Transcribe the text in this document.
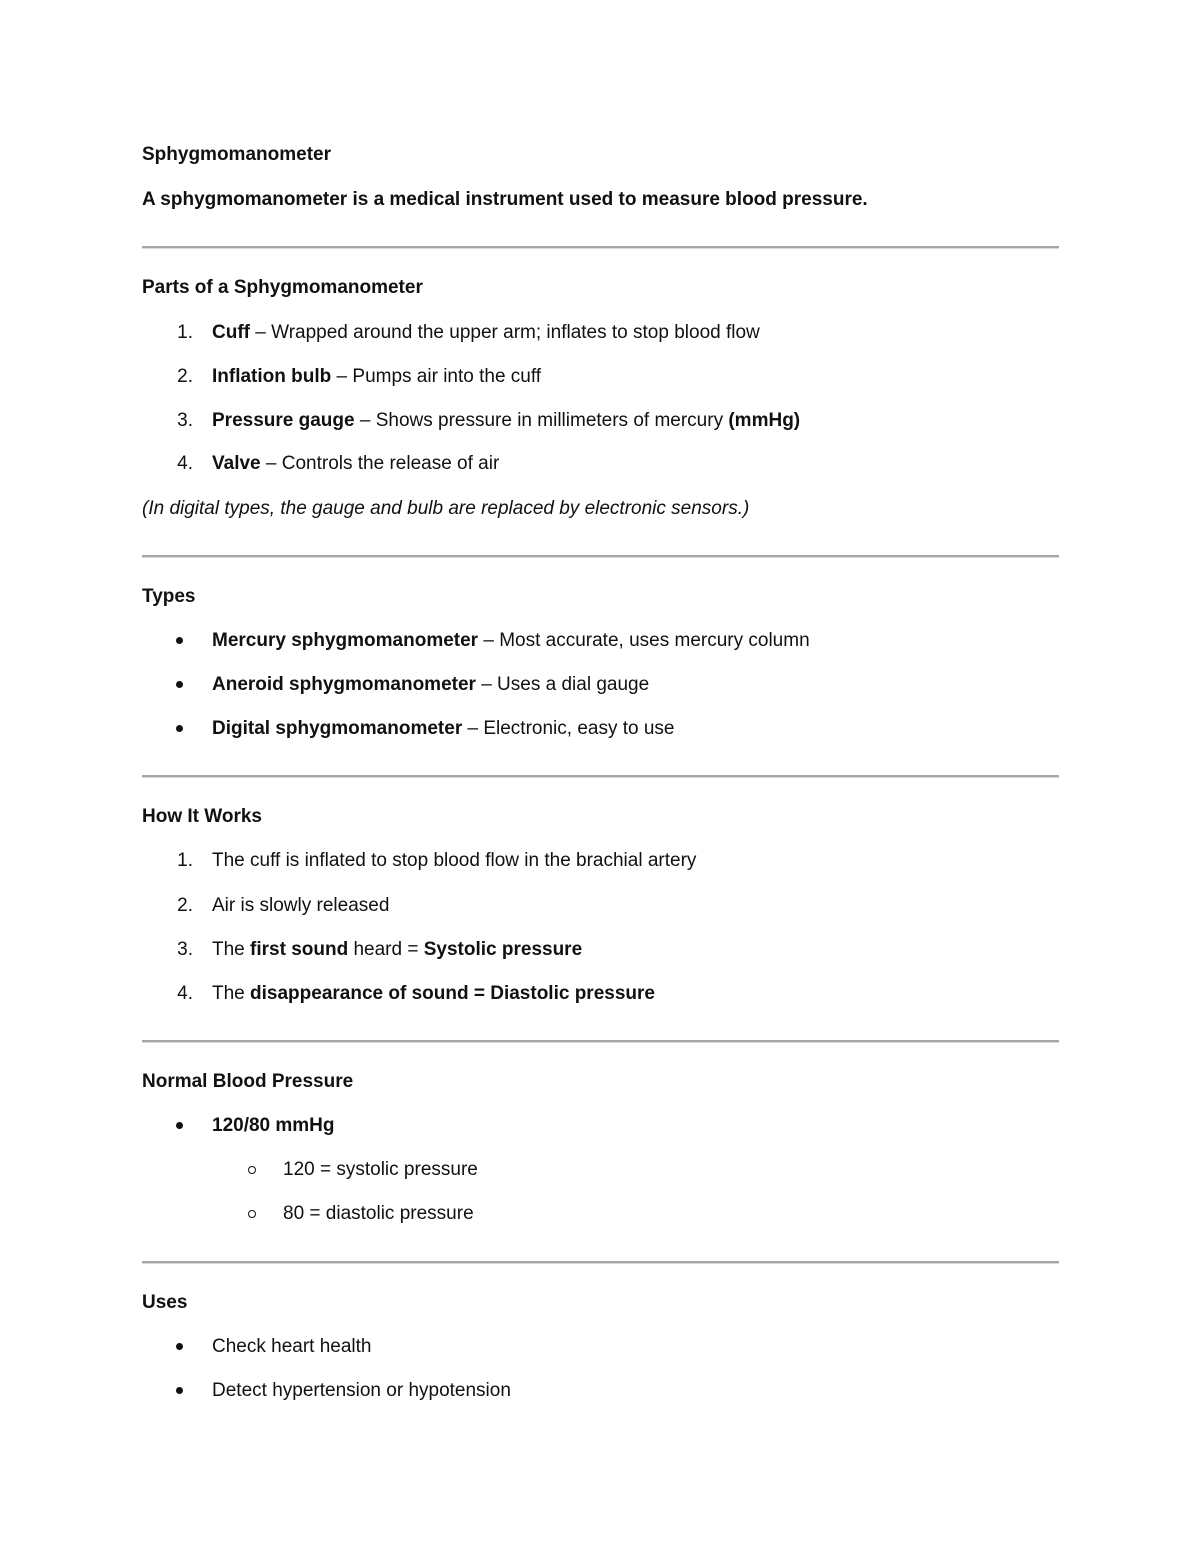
Sphygmomanometer
A sphygmomanometer is a medical instrument used to measure blood pressure.
Parts of a Sphygmomanometer
1. Cuff – Wrapped around the upper arm; inflates to stop blood flow
2. Inflation bulb – Pumps air into the cuff
3. Pressure gauge – Shows pressure in millimeters of mercury (mmHg)
4. Valve – Controls the release of air
(In digital types, the gauge and bulb are replaced by electronic sensors.)
Types
Mercury sphygmomanometer – Most accurate, uses mercury column
Aneroid sphygmomanometer – Uses a dial gauge
Digital sphygmomanometer – Electronic, easy to use
How It Works
1. The cuff is inflated to stop blood flow in the brachial artery
2. Air is slowly released
3. The first sound heard = Systolic pressure
4. The disappearance of sound = Diastolic pressure
Normal Blood Pressure
120/80 mmHg
120 = systolic pressure
80 = diastolic pressure
Uses
Check heart health
Detect hypertension or hypotension
